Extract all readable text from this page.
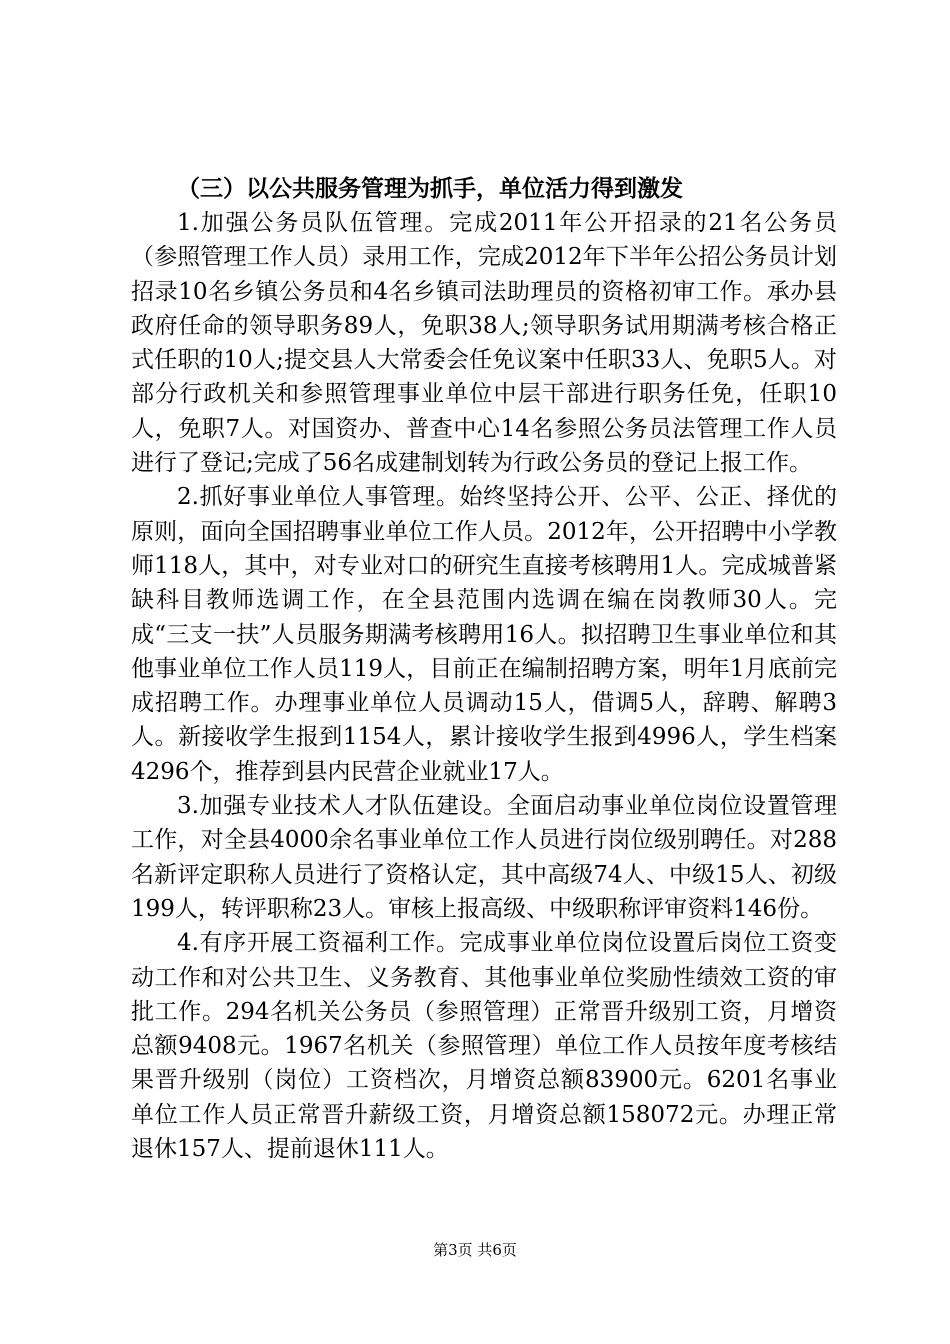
（三）以公共服务管理为抓手，单位活力得到激发

1.加强公务员队伍管理。完成2011年公开招录的21名公务员（参照管理工作人员）录用工作，完成2012年下半年公招公务员计划招录10名乡镇公务员和4名乡镇司法助理员的资格初审工作。承办县政府任命的领导职务89人，免职38人;领导职务试用期满考核合格正式任职的10人;提交县人大常委会任免议案中任职33人、免职5人。对部分行政机关和参照管理事业单位中层干部进行职务任免，任职10人，免职7人。对国资办、普查中心14名参照公务员法管理工作人员进行了登记;完成了56名成建制划转为行政公务员的登记上报工作。

2.抓好事业单位人事管理。始终坚持公开、公平、公正、择优的原则，面向全国招聘事业单位工作人员。2012年，公开招聘中小学教师118人，其中，对专业对口的研究生直接考核聘用1人。完成城普紧缺科目教师选调工作，在全县范围内选调在编在岗教师30人。完成“三支一扶”人员服务期满考核聘用16人。拟招聘卫生事业单位和其他事业单位工作人员119人，目前正在编制招聘方案，明年1月底前完成招聘工作。办理事业单位人员调动15人，借调5人，辞聘、解聘3人。新接收学生报到1154人，累计接收学生报到4996人，学生档案4296个，推荐到县内民营企业就业17人。

3.加强专业技术人才队伍建设。全面启动事业单位岗位设置管理工作，对全县4000余名事业单位工作人员进行岗位级别聘任。对288名新评定职称人员进行了资格认定，其中高级74人、中级15人、初级199人，转评职称23人。审核上报高级、中级职称评审资料146份。

4.有序开展工资福利工作。完成事业单位岗位设置后岗位工资变动工作和对公共卫生、义务教育、其他事业单位奖励性绩效工资的审批工作。294名机关公务员（参照管理）正常晋升级别工资，月增资总额9408元。1967名机关（参照管理）单位工作人员按年度考核结果晋升级别（岗位）工资档次，月增资总额83900元。6201名事业单位工作人员正常晋升薪级工资，月增资总额158072元。办理正常退休157人、提前退休111人。

第3页 共6页
